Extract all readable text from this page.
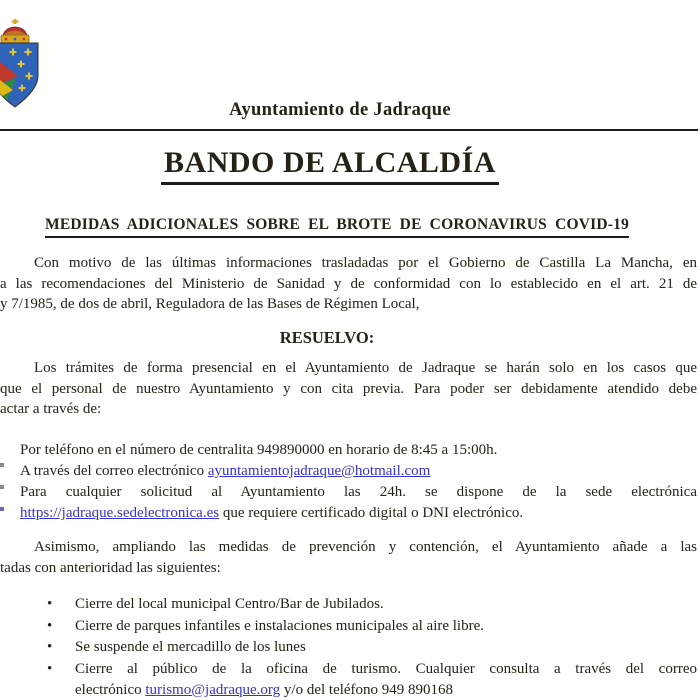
Ayuntamiento de Jadraque
BANDO DE ALCALDÍA
MEDIDAS ADICIONALES SOBRE EL BROTE DE CORONAVIRUS COVID-19
Con motivo de las últimas informaciones trasladadas por el Gobierno de Castilla La Mancha, en
a las recomendaciones del Ministerio de Sanidad y de conformidad con lo establecido en el art. 21 de
y 7/1985, de dos de abril, Reguladora de las Bases de Régimen Local,
RESUELVO:
Los trámites de forma presencial en el Ayuntamiento de Jadraque se harán solo en los casos que
que el personal de nuestro Ayuntamiento y con cita previa. Para poder ser debidamente atendido debe
actar a través de:
Por teléfono en el número de centralita 949890000 en horario de 8:45 a 15:00h.
A través del correo electrónico ayuntamientojadraque@hotmail.com
Para cualquier solicitud al Ayuntamiento las 24h. se dispone de la sede electrónica
https://jadraque.sedelectronica.es que requiere certificado digital o DNI electrónico.
Asimismo, ampliando las medidas de prevención y contención, el Ayuntamiento añade a las
tadas con anterioridad las siguientes:
• Cierre del local municipal Centro/Bar de Jubilados.
• Cierre de parques infantiles e instalaciones municipales al aire libre.
• Se suspende el mercadillo de los lunes
• Cierre al público de la oficina de turismo. Cualquier consulta a través del correo
electrónico turismo@jadraque.org y/o del teléfono 949 890168
